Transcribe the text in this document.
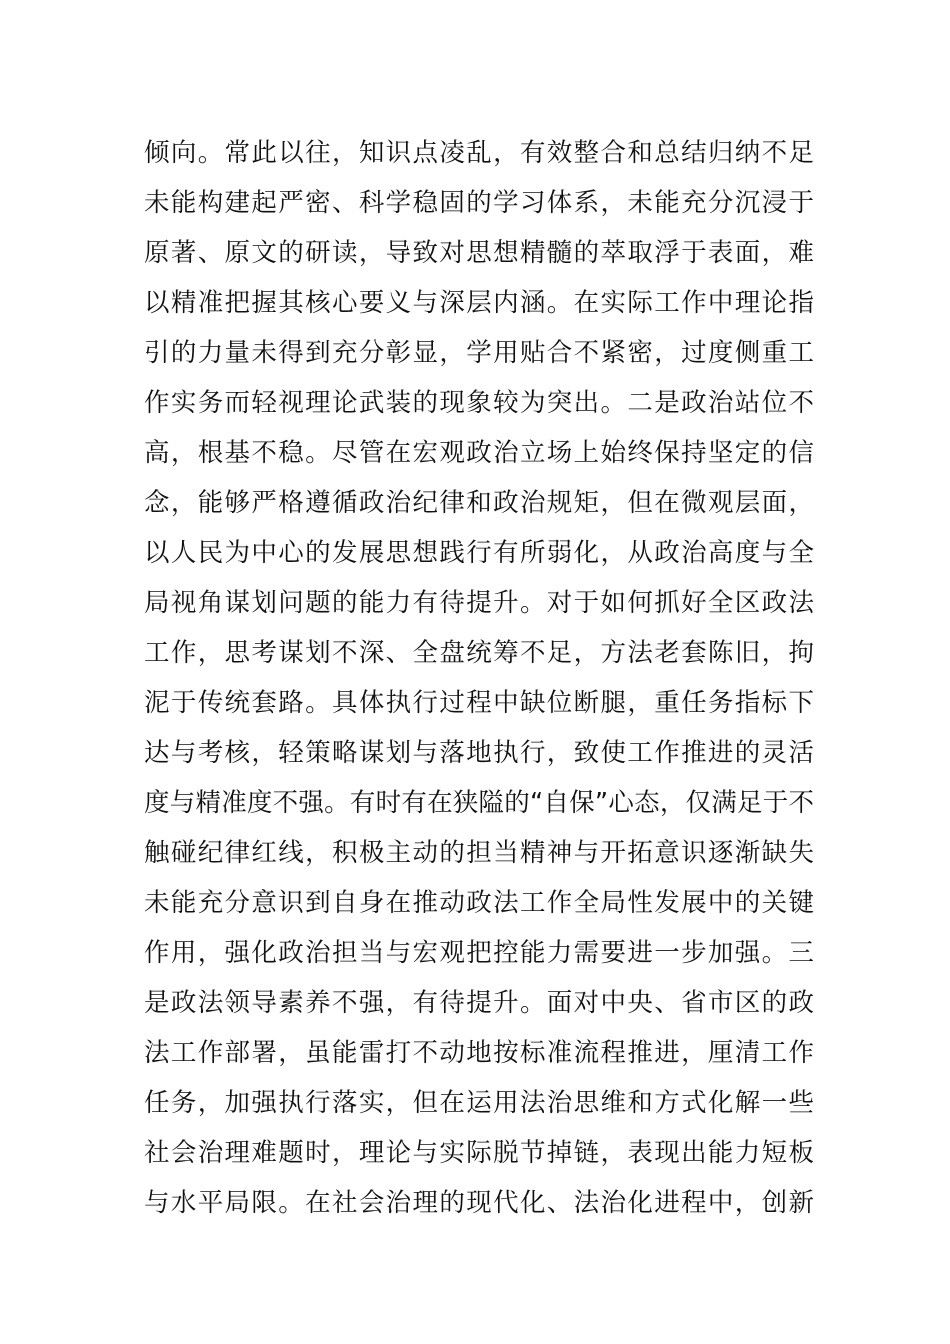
倾向。常此以往，知识点凌乱，有效整合和总结归纳不足
未能构建起严密、科学稳固的学习体系，未能充分沉浸于
原著、原文的研读，导致对思想精髓的萃取浮于表面，难
以精准把握其核心要义与深层内涵。在实际工作中理论指
引的力量未得到充分彰显，学用贴合不紧密，过度侧重工
作实务而轻视理论武装的现象较为突出。二是政治站位不
高，根基不稳。尽管在宏观政治立场上始终保持坚定的信
念，能够严格遵循政治纪律和政治规矩，但在微观层面，
以人民为中心的发展思想践行有所弱化，从政治高度与全
局视角谋划问题的能力有待提升。对于如何抓好全区政法
工作，思考谋划不深、全盘统筹不足，方法老套陈旧，拘
泥于传统套路。具体执行过程中缺位断腿，重任务指标下
达与考核，轻策略谋划与落地执行，致使工作推进的灵活
度与精准度不强。有时有在狭隘的“自保”心态，仅满足于不
触碰纪律红线，积极主动的担当精神与开拓意识逐渐缺失
未能充分意识到自身在推动政法工作全局性发展中的关键
作用，强化政治担当与宏观把控能力需要进一步加强。三
是政法领导素养不强，有待提升。面对中央、省市区的政
法工作部署，虽能雷打不动地按标准流程推进，厘清工作
任务，加强执行落实，但在运用法治思维和方式化解一些
社会治理难题时，理论与实际脱节掉链，表现出能力短板
与水平局限。在社会治理的现代化、法治化进程中，创新
